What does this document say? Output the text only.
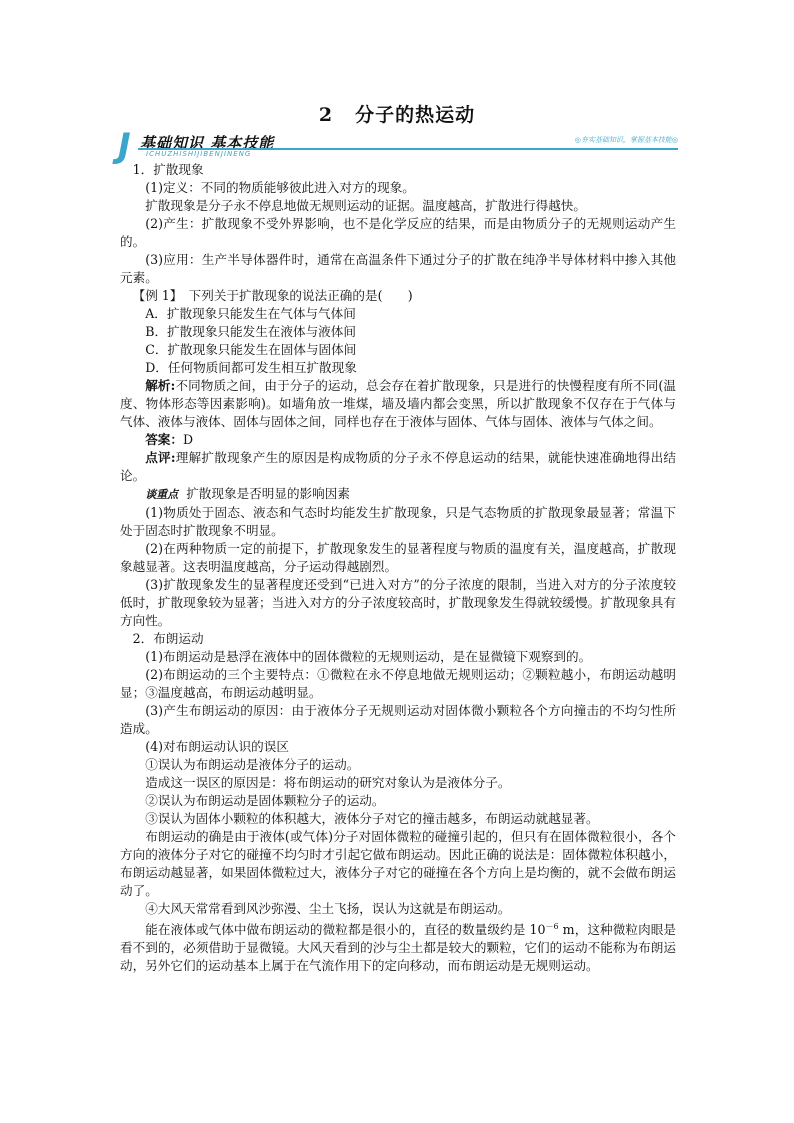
2 分子的热运动
J 基础知识 基本技能
ICHUZHISHIJIBENJINENG
◎夯实基础知识，掌握基本技能◎

1．扩散现象

(1)定义：不同的物质能够彼此进入对方的现象。

扩散现象是分子永不停息地做无规则运动的证据。温度越高，扩散进行得越快。

(2)产生：扩散现象不受外界影响，也不是化学反应的结果，而是由物质分子的无规则运动产生的。

(3)应用：生产半导体器件时，通常在高温条件下通过分子的扩散在纯净半导体材料中掺入其他元素。

【例 1】　下列关于扩散现象的说法正确的是(　　)

A．扩散现象只能发生在气体与气体间

B．扩散现象只能发生在液体与液体间

C．扩散现象只能发生在固体与固体间

D．任何物质间都可发生相互扩散现象

解析:不同物质之间，由于分子的运动，总会存在着扩散现象，只是进行的快慢程度有所不同(温度、物体形态等因素影响)。如墙角放一堆煤，墙及墙内都会变黑，所以扩散现象不仅存在于气体与气体、液体与液体、固体与固体之间，同样也存在于液体与固体、气体与固体、液体与气体之间。

答案：D

点评:理解扩散现象产生的原因是构成物质的分子永不停息运动的结果，就能快速准确地得出结论。

谈重点 扩散现象是否明显的影响因素

(1)物质处于固态、液态和气态时均能发生扩散现象，只是气态物质的扩散现象最显著；常温下处于固态时扩散现象不明显。

(2)在两种物质一定的前提下，扩散现象发生的显著程度与物质的温度有关，温度越高，扩散现象越显著。这表明温度越高，分子运动得越剧烈。

(3)扩散现象发生的显著程度还受到“已进入对方”的分子浓度的限制，当进入对方的分子浓度较低时，扩散现象较为显著；当进入对方的分子浓度较高时，扩散现象发生得就较缓慢。扩散现象具有方向性。

2．布朗运动

(1)布朗运动是悬浮在液体中的固体微粒的无规则运动，是在显微镜下观察到的。

(2)布朗运动的三个主要特点：①微粒在永不停息地做无规则运动；②颗粒越小，布朗运动越明显；③温度越高，布朗运动越明显。

(3)产生布朗运动的原因：由于液体分子无规则运动对固体微小颗粒各个方向撞击的不均匀性所造成。

(4)对布朗运动认识的误区

①误认为布朗运动是液体分子的运动。

造成这一误区的原因是：将布朗运动的研究对象认为是液体分子。

②误认为布朗运动是固体颗粒分子的运动。

③误认为固体小颗粒的体积越大，液体分子对它的撞击越多，布朗运动就越显著。

布朗运动的确是由于液体(或气体)分子对固体微粒的碰撞引起的，但只有在固体微粒很小，各个方向的液体分子对它的碰撞不均匀时才引起它做布朗运动。因此正确的说法是：固体微粒体积越小，布朗运动越显著，如果固体微粒过大，液体分子对它的碰撞在各个方向上是均衡的，就不会做布朗运动了。

④大风天常常看到风沙弥漫、尘土飞扬，误认为这就是布朗运动。

能在液体或气体中做布朗运动的微粒都是很小的，直径的数量级约是 $10^{-6}$ m，这种微粒肉眼是看不到的，必须借助于显微镜。大风天看到的沙与尘土都是较大的颗粒，它们的运动不能称为布朗运动，另外它们的运动基本上属于在气流作用下的定向移动，而布朗运动是无规则运动。
